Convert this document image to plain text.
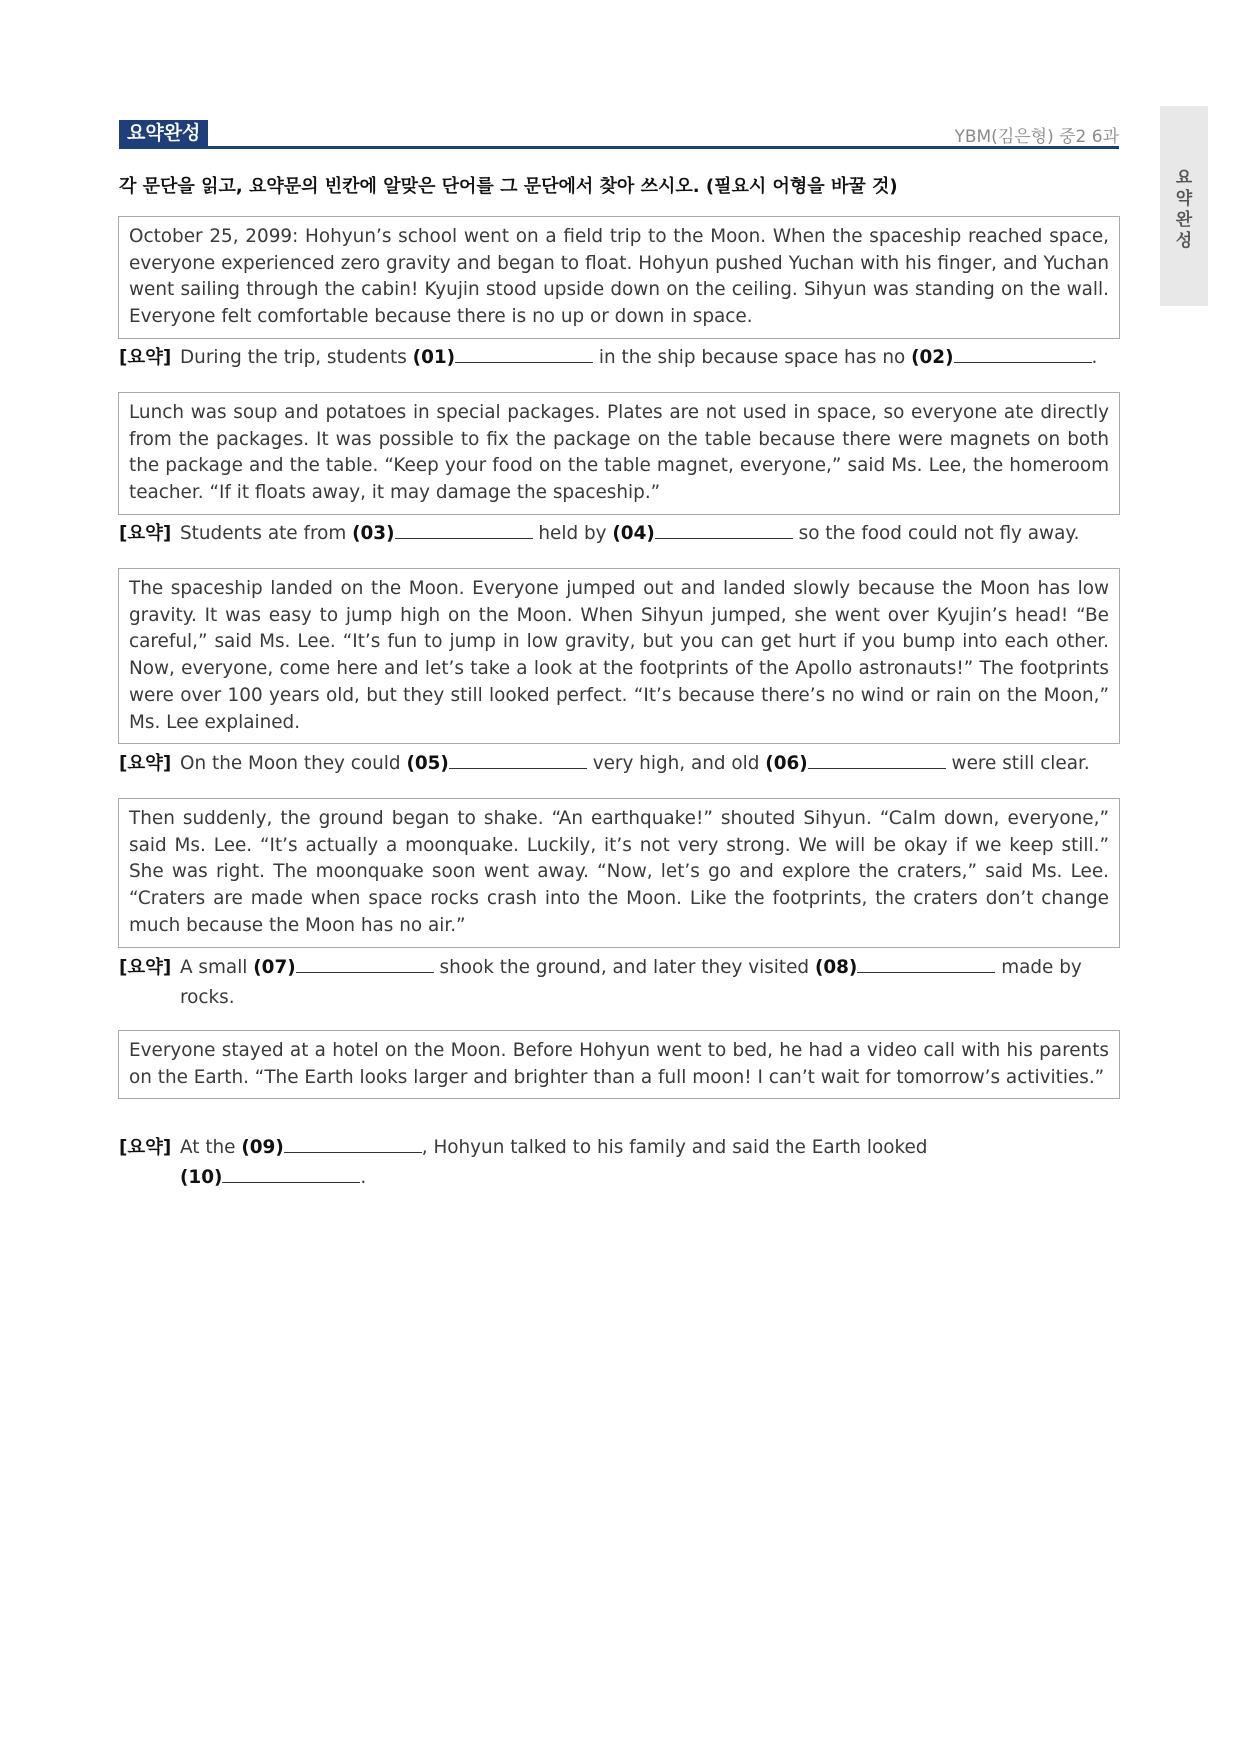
요약완성	YBM(김은형) 중2 6과
요
약
완
성
각 문단을 읽고, 요약문의 빈칸에 알맞은 단어를 그 문단에서 찾아 쓰시오. (필요시 어형을 바꿀 것)
October 25, 2099: Hohyun’s school went on a field trip to the Moon. When the spaceship reached space, everyone experienced zero gravity and began to float. Hohyun pushed Yuchan with his finger, and Yuchan went sailing through the cabin! Kyujin stood upside down on the ceiling. Sihyun was standing on the wall. Everyone felt comfortable because there is no up or down in space.
[요약] During the trip, students (01)	in the ship because space has no (02)	.
Lunch was soup and potatoes in special packages. Plates are not used in space, so everyone ate directly from the packages. It was possible to fix the package on the table because there were magnets on both the package and the table. “Keep your food on the table magnet, everyone,” said Ms. Lee, the homeroom teacher. “If it floats away, it may damage the spaceship.”
[요약] Students ate from (03)	held by (04)	so the food could not fly away.
The spaceship landed on the Moon. Everyone jumped out and landed slowly because the Moon has low gravity. It was easy to jump high on the Moon. When Sihyun jumped, she went over Kyujin’s head! “Be careful,” said Ms. Lee. “It’s fun to jump in low gravity, but you can get hurt if you bump into each other. Now, everyone, come here and let’s take a look at the footprints of the Apollo astronauts!” The footprints were over 100 years old, but they still looked perfect. “It’s because there’s no wind or rain on the Moon,” Ms. Lee explained.
[요약] On the Moon they could (05)	very high, and old (06)	were still clear.
Then suddenly, the ground began to shake. “An earthquake!” shouted Sihyun. “Calm down, everyone,” said Ms. Lee. “It’s actually a moonquake. Luckily, it’s not very strong. We will be okay if we keep still.” She was right. The moonquake soon went away. “Now, let’s go and explore the craters,” said Ms. Lee. “Craters are made when space rocks crash into the Moon. Like the footprints, the craters don’t change much because the Moon has no air.”
[요약] A small (07)	shook the ground, and later they visited (08)	made by
rocks.
Everyone stayed at a hotel on the Moon. Before Hohyun went to bed, he had a video call with his parents on the Earth. “The Earth looks larger and brighter than a full moon! I can’t wait for tomorrow’s activities.”
[요약] At the (09)	, Hohyun talked to his family and said the Earth looked
(10)	.
